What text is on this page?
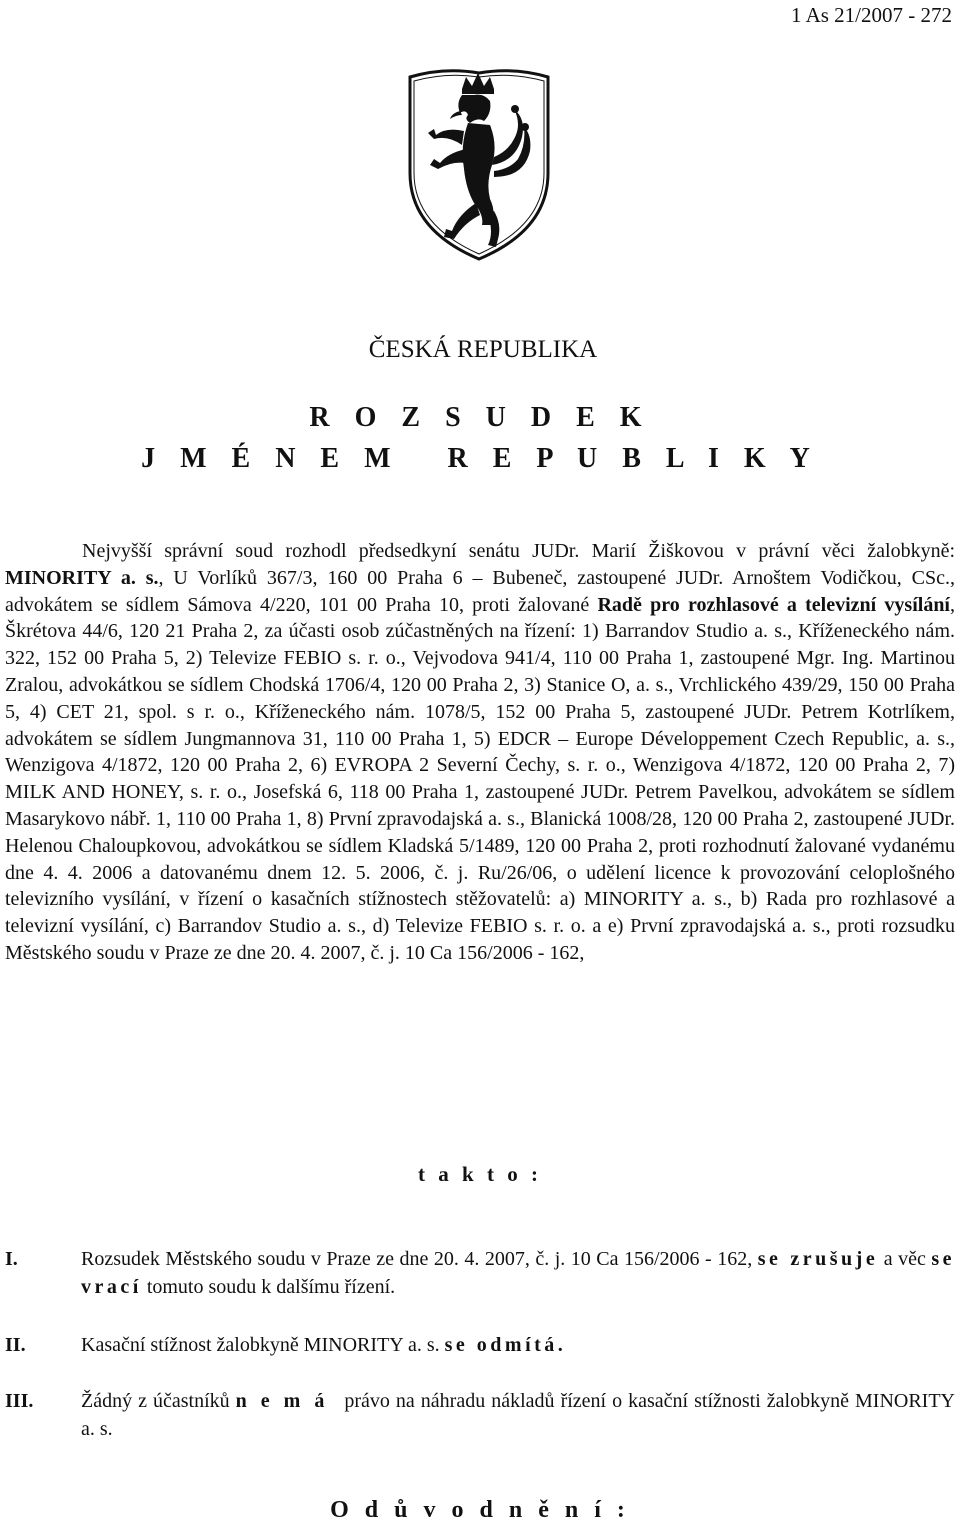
1 As 21/2007 - 272
ČESKÁ REPUBLIKA
R O Z S U D E K
J M É N E M   R E P U B L I K Y

Nejvyšší správní soud rozhodl předsedkyní senátu JUDr. Marií Žiškovou v právní věci žalobkyně: MINORITY a. s., U Vorlíků 367/3, 160 00 Praha 6 – Bubeneč, zastoupené JUDr. Arnoštem Vodičkou, CSc., advokátem se sídlem Sámova 4/220, 101 00 Praha 10, proti žalované Radě pro rozhlasové a televizní vysílání, Škrétova 44/6, 120 21 Praha 2, za účasti osob zúčastněných na řízení: 1) Barrandov Studio a. s., Kříženeckého nám. 322, 152 00 Praha 5, 2) Televize FEBIO s. r. o., Vejvodova 941/4, 110 00 Praha 1, zastoupené Mgr. Ing. Martinou Zralou, advokátkou se sídlem Chodská 1706/4, 120 00 Praha 2, 3) Stanice O, a. s., Vrchlického 439/29, 150 00 Praha 5, 4) CET 21, spol. s r. o., Kříženeckého nám. 1078/5, 152 00 Praha 5, zastoupené JUDr. Petrem Kotrlíkem, advokátem se sídlem Jungmannova 31, 110 00 Praha 1, 5) EDCR – Europe Développement Czech Republic, a. s., Wenzigova 4/1872, 120 00 Praha 2, 6) EVROPA 2 Severní Čechy, s. r. o., Wenzigova 4/1872, 120 00 Praha 2, 7) MILK AND HONEY, s. r. o., Josefská 6, 118 00 Praha 1, zastoupené JUDr. Petrem Pavelkou, advokátem se sídlem Masarykovo nábř. 1, 110 00 Praha 1, 8) První zpravodajská a. s., Blanická 1008/28, 120 00 Praha 2, zastoupené JUDr. Helenou Chaloupkovou, advokátkou se sídlem Kladská 5/1489, 120 00 Praha 2, proti rozhodnutí žalované vydanému dne 4. 4. 2006 a datovanému dnem 12. 5. 2006, č. j. Ru/26/06, o udělení licence k provozování celoplošného televizního vysílání, v řízení o kasačních stížnostech stěžovatelů: a) MINORITY a. s., b) Rada pro rozhlasové a televizní vysílání, c) Barrandov Studio a. s., d) Televize FEBIO s. r. o. a e) První zpravodajská a. s., proti rozsudku Městského soudu v Praze ze dne 20. 4. 2007, č. j. 10 Ca 156/2006 - 162,

t a k t o :
I.	Rozsudek Městského soudu v Praze ze dne 20. 4. 2007, č. j. 10 Ca 156/2006 - 162, se zrušuje a věc se vrací tomuto soudu k dalšímu řízení.
II.	Kasační stížnost žalobkyně MINORITY a. s. se odmítá.
III. Žádný z účastníků nemá právo na náhradu nákladů řízení o kasační stížnosti žalobkyně MINORITY a. s.
O d ů v o d n ě n í :
